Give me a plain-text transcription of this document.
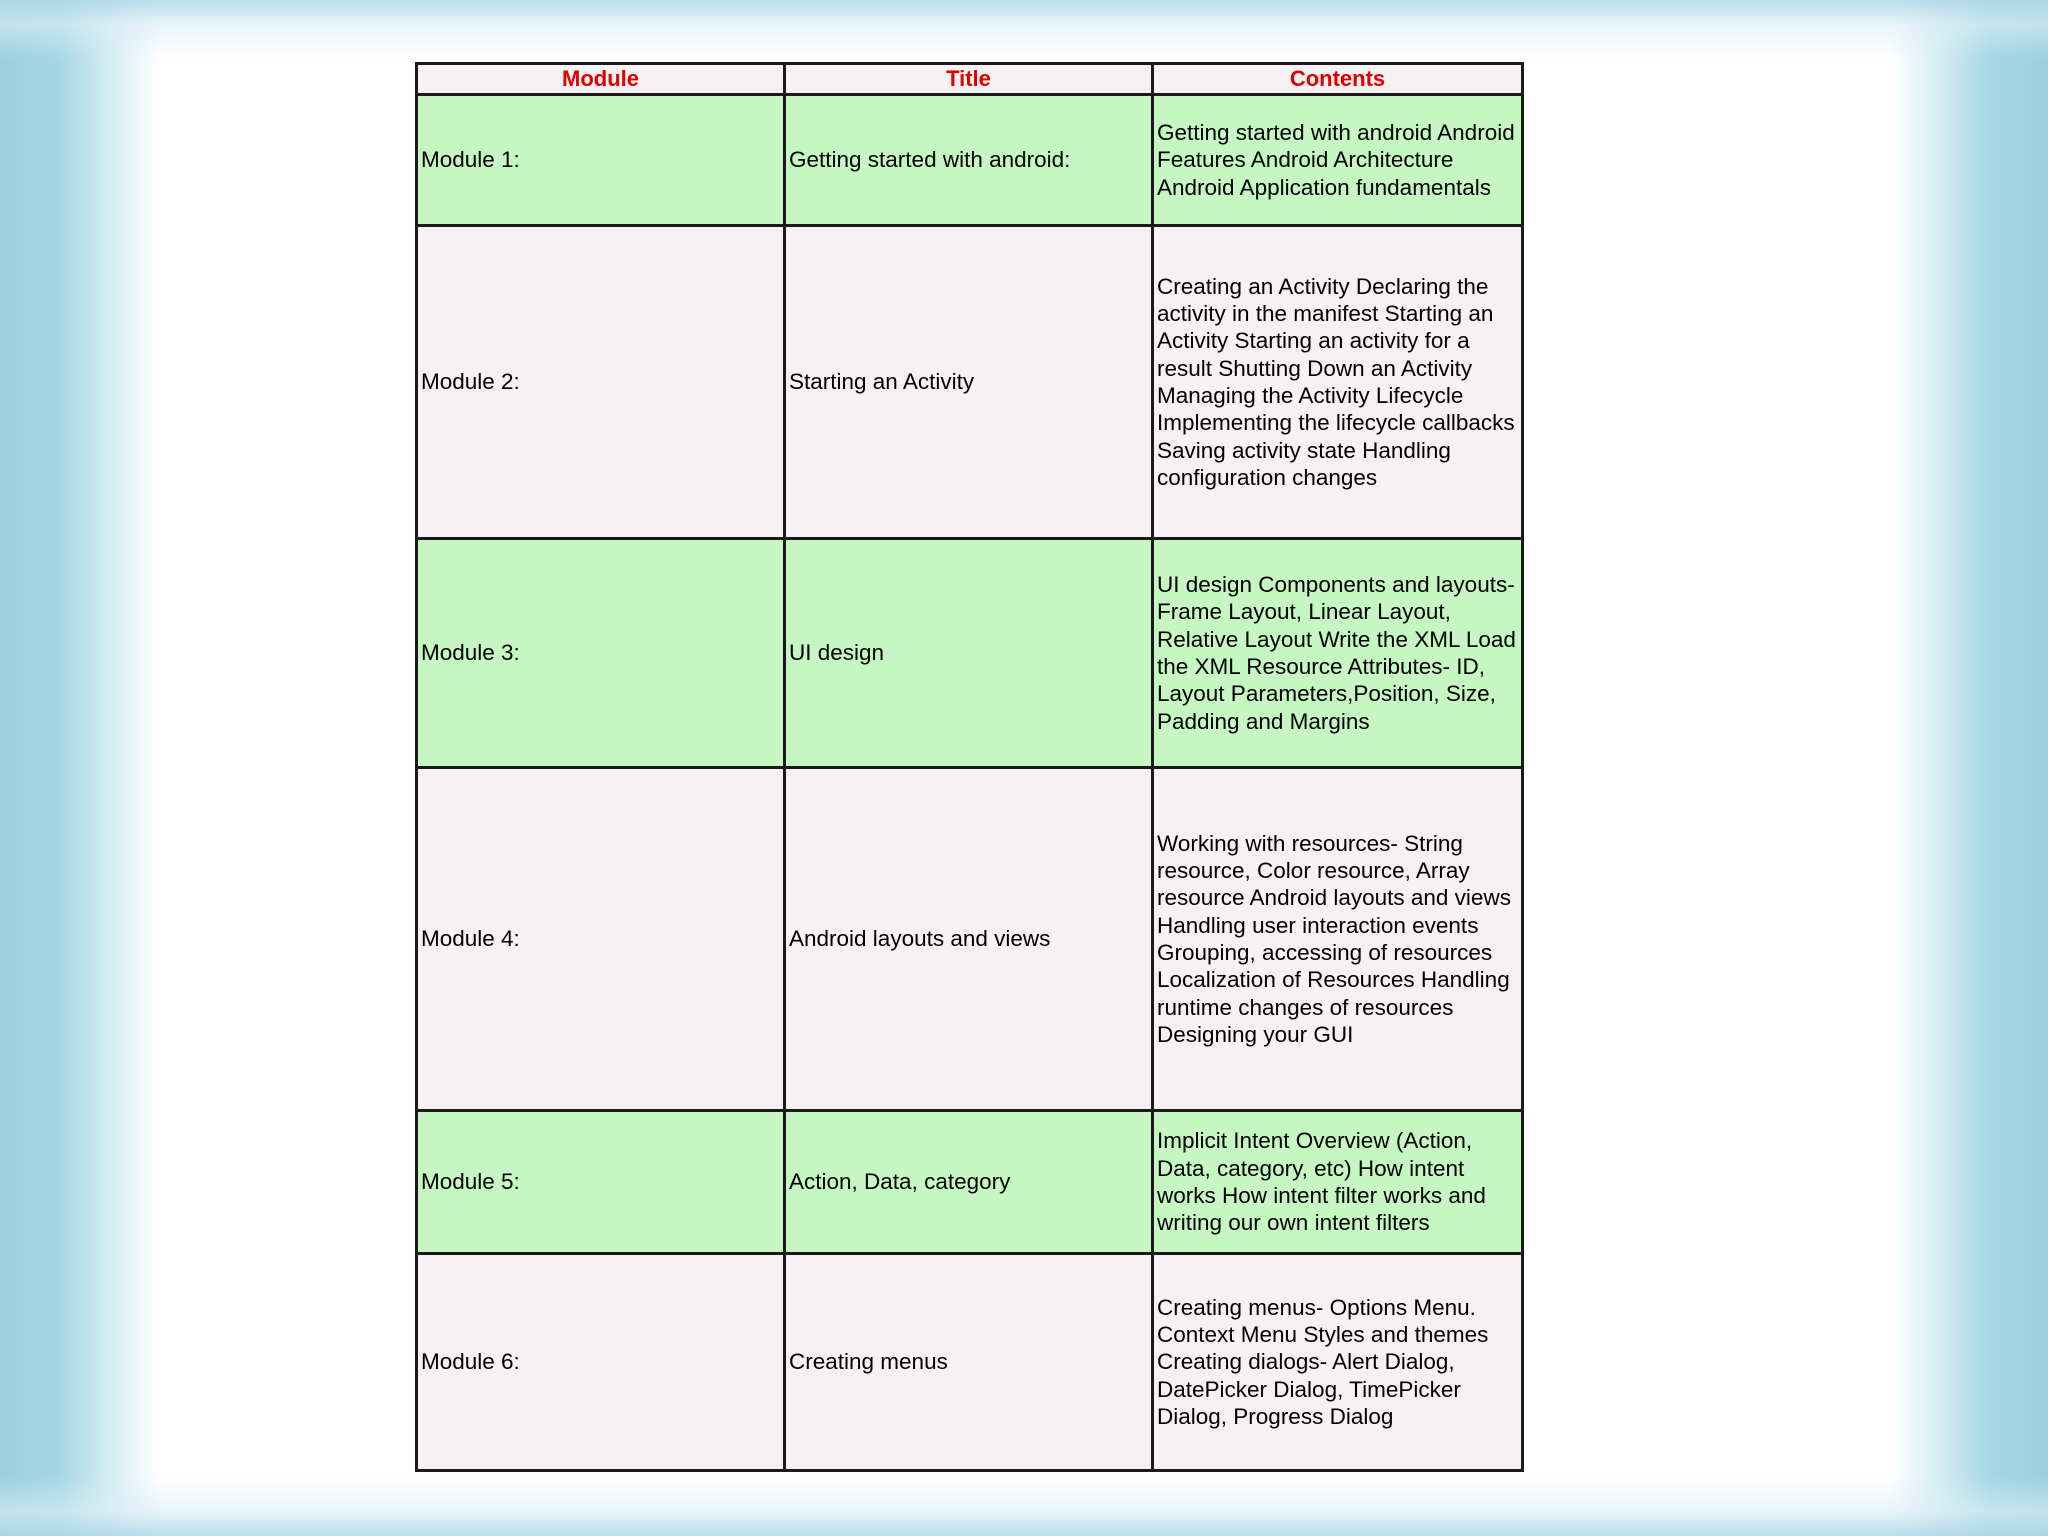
Module	Title	Contents
Module 1:	Getting started with android:	Getting started with android Android Features Android Architecture Android Application fundamentals
Module 2:	Starting an Activity	Creating an Activity Declaring the activity in the manifest Starting an Activity Starting an activity for a result Shutting Down an Activity Managing the Activity Lifecycle Implementing the lifecycle callbacks Saving activity state Handling configuration changes
Module 3:	UI design	UI design Components and layouts- Frame Layout, Linear Layout, Relative Layout Write the XML Load the XML Resource Attributes- ID, Layout Parameters,Position, Size, Padding and Margins
Module 4:	Android layouts and views	Working with resources- String resource, Color resource, Array resource Android layouts and views Handling user interaction events Grouping, accessing of resources Localization of Resources Handling runtime changes of resources Designing your GUI
Module 5:	Action, Data, category	Implicit Intent Overview (Action, Data, category, etc) How intent works How intent filter works and writing our own intent filters
Module 6:	Creating menus	Creating menus- Options Menu. Context Menu Styles and themes Creating dialogs- Alert Dialog, DatePicker Dialog, TimePicker Dialog, Progress Dialog
